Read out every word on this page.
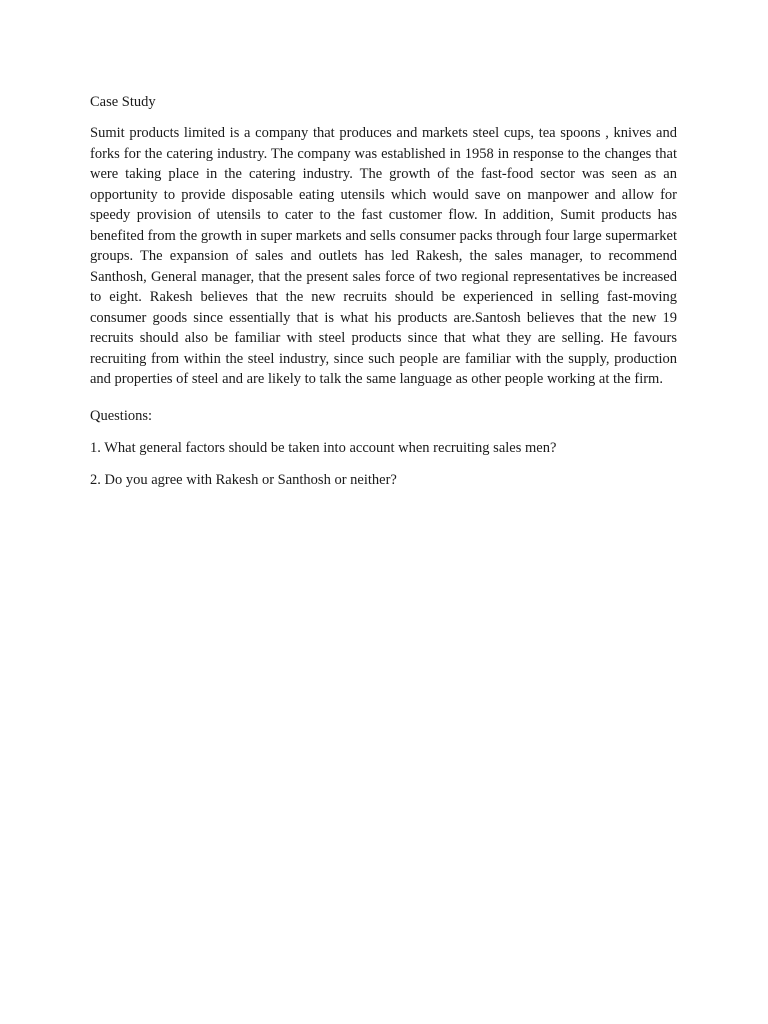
Case Study

Sumit products limited is a company that produces and markets steel cups, tea spoons , knives and forks for the catering industry. The company was established in 1958 in response to the changes that were taking place in the catering industry. The growth of the fast-food sector was seen as an opportunity to provide disposable eating utensils which would save on manpower and allow for speedy provision of utensils to cater to the fast customer flow. In addition, Sumit products has benefited from the growth in super markets and sells consumer packs through four large supermarket groups. The expansion of sales and outlets has led Rakesh, the sales manager, to recommend Santhosh, General manager, that the present sales force of two regional representatives be increased to eight. Rakesh believes that the new recruits should be experienced in selling fast-moving consumer goods since essentially that is what his products are.Santosh believes that the new 19 recruits should also be familiar with steel products since that what they are selling. He favours recruiting from within the steel industry, since such people are familiar with the supply, production and properties of steel and are likely to talk the same language as other people working at the firm.

Questions:

1. What general factors should be taken into account when recruiting sales men?

2. Do you agree with Rakesh or Santhosh or neither?
